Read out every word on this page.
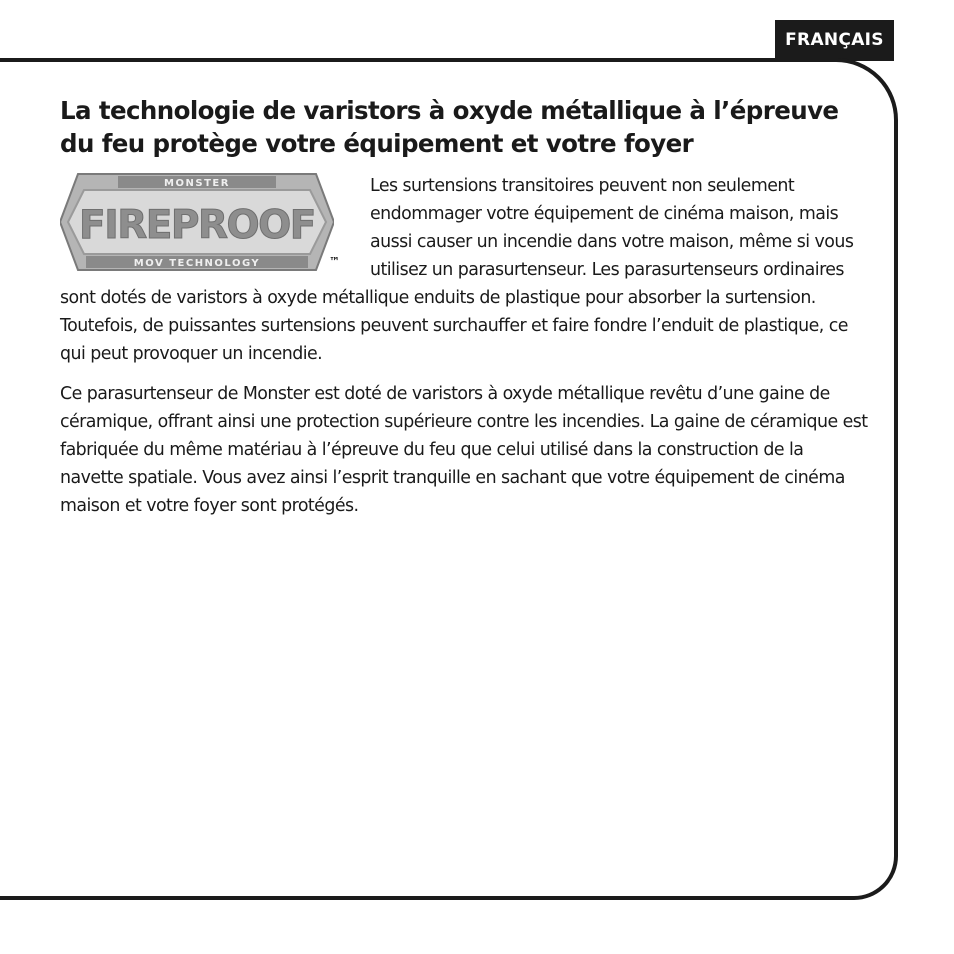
FRANÇAIS
La technologie de varistors à oxyde métallique à l’épreuve
du feu protège votre équipement et votre foyer
MONSTER
FIREPROOF
MOV TECHNOLOGY	™

Les surtensions transitoires peuvent non seulement endommager votre équipement de cinéma maison, mais aussi causer un incendie dans votre maison, même si vous utilisez un parasurtenseur. Les parasurtenseurs ordinaires sont dotés de varistors à oxyde métallique enduits de plastique pour absorber la surtension. Toutefois, de puissantes surtensions peuvent surchauffer et faire fondre l’enduit de plastique, ce qui peut provoquer un incendie.

Ce parasurtenseur de Monster est doté de varistors à oxyde métallique revêtu d’une gaine de céramique, offrant ainsi une protection supérieure contre les incendies. La gaine de céramique est fabriquée du même matériau à l’épreuve du feu que celui utilisé dans la construction de la navette spatiale. Vous avez ainsi l’esprit tranquille en sachant que votre équipement de cinéma maison et votre foyer sont protégés.
